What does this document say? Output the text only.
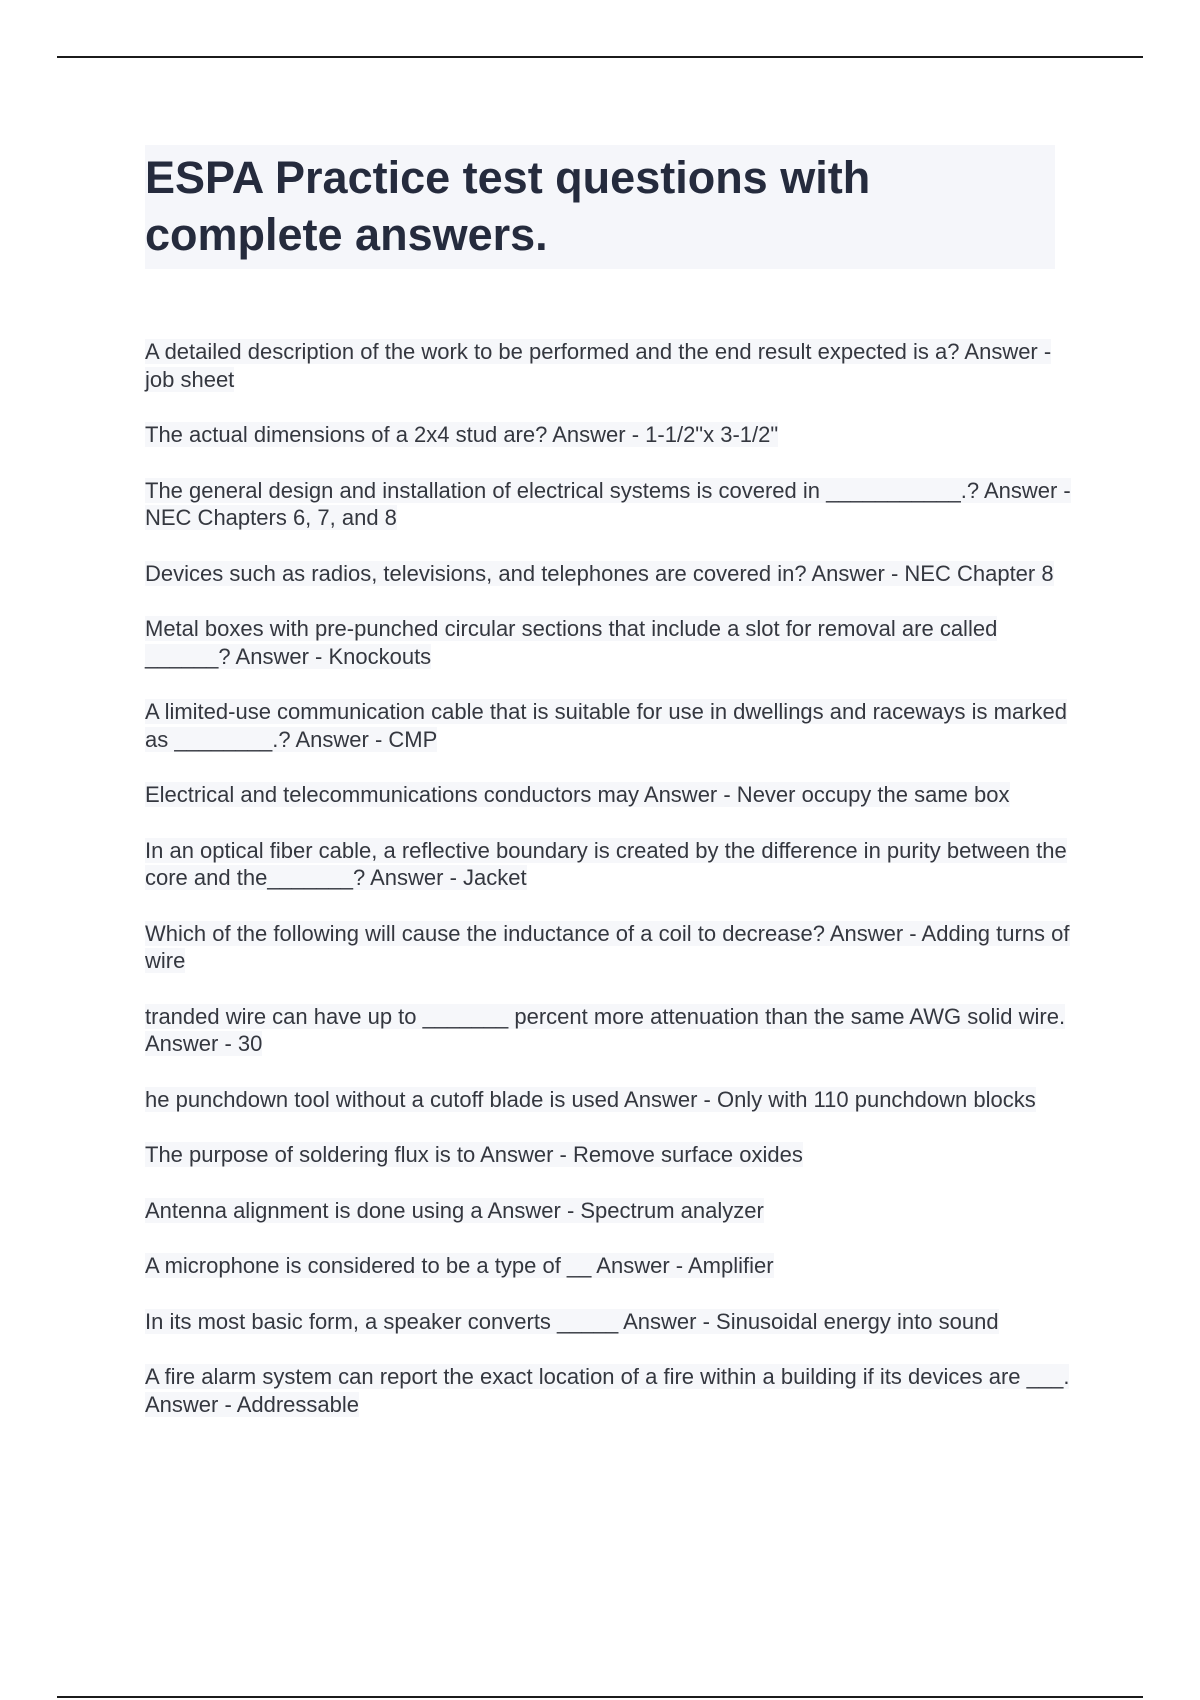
ESPA Practice test questions with complete answers.
A detailed description of the work to be performed and the end result expected is a? Answer - job sheet
The actual dimensions of a 2x4 stud are? Answer - 1-1/2"x 3-1/2"
The general design and installation of electrical systems is covered in ___________.? Answer - NEC Chapters 6, 7, and 8
Devices such as radios, televisions, and telephones are covered in? Answer - NEC Chapter 8
Metal boxes with pre-punched circular sections that include a slot for removal are called ______? Answer - Knockouts
A limited-use communication cable that is suitable for use in dwellings and raceways is marked as ________.? Answer - CMP
Electrical and telecommunications conductors may Answer - Never occupy the same box
In an optical fiber cable, a reflective boundary is created by the difference in purity between the core and the_______? Answer - Jacket
Which of the following will cause the inductance of a coil to decrease? Answer - Adding turns of wire
tranded wire can have up to _______ percent more attenuation than the same AWG solid wire. Answer - 30
he punchdown tool without a cutoff blade is used Answer - Only with 110 punchdown blocks
The purpose of soldering flux is to Answer - Remove surface oxides
Antenna alignment is done using a Answer - Spectrum analyzer
A microphone is considered to be a type of __ Answer - Amplifier
In its most basic form, a speaker converts _____ Answer - Sinusoidal energy into sound
A fire alarm system can report the exact location of a fire within a building if its devices are ___. Answer - Addressable
